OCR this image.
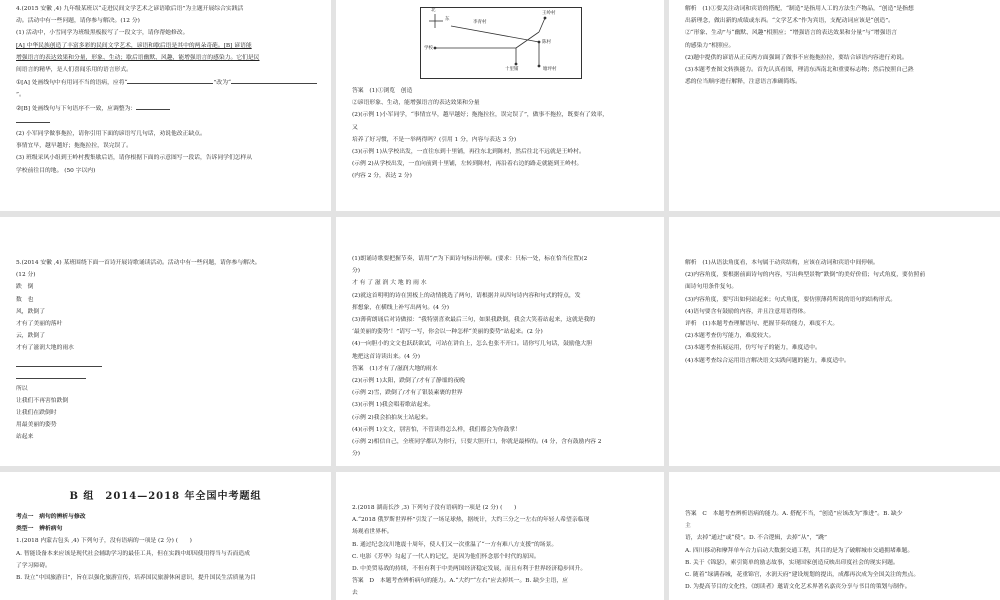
4.(2015 安徽 ,4) 九年级某班以“走进民间文学艺术之谚语歇后语”为主题开展综合实践活

动。活动中有一些问题，请你参与解决。(12 分)

(1) 活动中，小雪同学为班级黑板报写了一段文字，请你帮她修改。

[A] 中华民族创造了丰富多彩的民间文学艺术，谚语和歇后语是其中的两朵奇葩。[B] 谚语能

增强语言的表达效果和分量，形象、生动；歇后语幽默、风趣，能增强语言的感染力。它们是民

间语言的精华，是人们喜闻乐用的语言形式。

①[A] 处画线句中有用词不当的语病，应将“	”改为“

”。

②[B] 处画线句与下句语序不一致，应调整为：

(2) 小军同学做事拖拉，请你引用下面的谚语写几句话，劝说他改正缺点。

事情宜早，越早越好；拖拖拉拉，误完误了。

(3) 班级采风小组到王岭村搜集歇后语，请你根据下面的示意图写一段话，告诉同学们怎样从

学校前往目的地。 (50 字以内)

北
东
李青村
王岭村
陈村
学校
十里铺	塘坪村

答案　(1)①浏览　创造

②谚语形象、生动，能增强语言的表达效果和分量

(2)(示例 1)小军同学，“事情宜早，越早越好；拖拖拉拉，误完误了”，做事不拖拉，既要有了效率，

又

培养了好习惯，不是一举两得吗？(引用 1 分，内容与表达 3 分)

(3)(示例 1)从学校出发，一直往东到十里铺，再往东北到陈村，然后往北不远就是王岭村。

(示例 2)从学校出发，一直向前到十里铺，左转到陈村，再沿着右边的路走就能到王岭村。

(内容 2 分，表达 2 分)

解析　(1)①要关注动词和宾语的搭配，“制造”是指用人工的方法生产物品，“创造”是指想

出新理念，做出新的成绩或东西。“文学艺术”作为宾语，支配动词应该是“创造”。

②“形象、生动”与“幽默、风趣”相照应；“增强语言的表达效果和分量”与“增强语言

的感染力”相照应。

(2)题中提供的谚语从正反两方面强调了做事不应拖拖拉拉，要结合谚语内容进行劝说。

(3)本题考查图文转换能力。首先认真看图，理清东西南北和重要标志物；然后按照自己熟

悉的位当顺序进行解释，注意语言准确简练。

5.(2014 安徽 ,4) 某班围绕下面一首诗开展诗歌诵读活动。活动中有一些问题，请你参与解决。

(12 分)

跌　倒

数　也

风，跌倒了

才有了美丽的落叶

云，跌倒了

才有了滋润大地的雨水

所以

让我们不再害怕跌倒

让我们在跌倒时

用最美丽的姿势

站起来

(1)朗诵诗歌要把握节奏，请用“/”为下面诗句标出停顿。(要求：只标一处，标在恰当位置)(2

分)

才 有 了 滋 润 大 地 的 雨 水

(2)就这首明明的诗在黑板上的动情挑选了两句，请根据并从四句诗内容和句式的特点，发

挥想象，在横线上补写出两句。(4 分)

(3)薄荷朗诵后对诗做拟：“我特别喜欢最后三句，如果我跌倒，我会大笑着站起来，这就是我的

‘最美丽的姿势’！”请写一写，你会以一种怎样“美丽的姿势”站起来。(2 分)

(4)一向胆小的文文也跃跃欲试，可站在讲台上，怎么也张不开口。请你写几句话，鼓励他大胆

地把这首诗读出来。(4 分)

答案　(1)才有了/滋润大地的雨水

(2)(示例 1)太阳，跌倒了/才有了静谧的夜晚

(示例 2)雪，跌倒了/才有了银装素裹的世界

(3)(示例 1)我会唱着歌站起来。

(示例 2)我会拍拍灰土站起来。

(4)(示例 1)文文，别害怕，不管读得怎么样，我们都会为你鼓掌！

(示例 2)相信自己，全班同学都认为你行，只要大胆开口，你就是最棒的。(4 分，含有鼓励内容 2

分)

解析　(1)从语法角度看，本句属于动宾结构，应该在动词和宾语中间停顿。

(2)内容角度，要根据前面诗句的内容，写出典型景物“跌倒”的美好价值；句式角度，要仿照前

面诗句用条件复句。

(3)内容角度，要写出如何站起来；句式角度，要仿照薄荷所说的语句的结构形式。

(4)语句要含有鼓励的内容，并且注意用语得体。

评析　(1)本题考查理解语句、把握节奏的能力，难度不大。

(2)本题考查仿写能力，难度较大。

(3)本题考查拓展运用，仿写句子的能力，难度适中。

(4)本题考查综合运用语言解决语文实践问题的能力，难度适中。

B 组　2014—2018 年全国中考题组

考点一　病句的辨析与修改

类型一　辨析病句

1.(2018 内蒙古包头 ,4) 下列句子，没有语病的一项是 (2 分) (　　)

A. 智能设备本来应该是现代社会辅助学习的最佳工具，但在实践中却因使用得当与否而造成

了学习障碍。

B. 设立“中国旅游日”，旨在以强化旅游宣传，培养国民旅游休闲意识，提升国民生活质量为目

2.(2018 湖南长沙 ,3) 下列句子没有语病的一项是 (2 分) (　　)

A.“2018 俄罗斯世界杯”引发了一场足球热，据统计，大约三分之一左右的年轻人希望亲临现

场观看世界杯。

B. 通过纪念汶川地震十周年，使人们又一次重温了“一方有难八方支援”的场景。

C. 电影《芳华》勾起了一代人的记忆，是因为他们怀念那个时代的原因。

D. 中美贸易战的持续，不但有利于中美两国经济稳定发展，而且有利于世界经济稳步回升。

答案　D　本题考查辨析病句的能力。A.“大约”“左右”应去掉其一。B. 缺少主语，应

去

答案　C　本题考查辨析语病的能力。A. 搭配不当，“创造”应该改为“推进”。B. 缺少

主

语，去掉“通过”或“使”。D. 不合逻辑，去掉“从”，“跳”

A. 四川移动和摩拜单车合力启动大数据交通工程，其目的是为了破解城市交通拥堵难题。

B. 关于《锦瑟》，索引简单的励志故事，实现国家创造反映出印度社会的现实问题。

C. 随着“绿满春城，花重锦官，水润天府”建设规划的提出，成都再次成为全国关注的焦点。

D. 为提高节目的文化性，《朗读者》邀请文化艺术界著名嘉宾分享与书目的策划与制作。
